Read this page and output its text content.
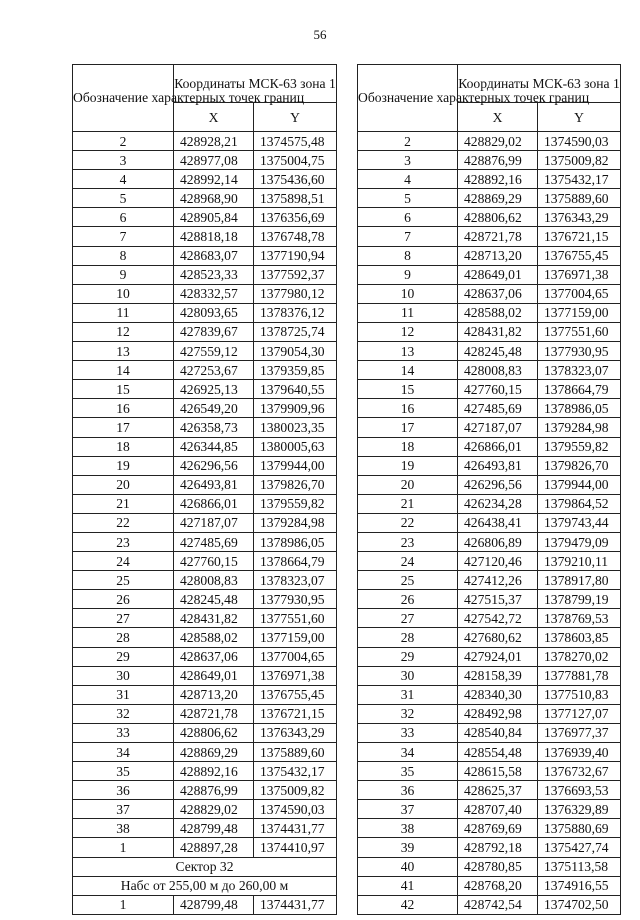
56
Обозначение характерных точек границ	Координаты МСК-63 зона 1	
	X	Y
2	428928,21	1374575,48
3	428977,08	1375004,75
4	428992,14	1375436,60
5	428968,90	1375898,51
6	428905,84	1376356,69
7	428818,18	1376748,78
8	428683,07	1377190,94
9	428523,33	1377592,37
10	428332,57	1377980,12
11	428093,65	1378376,12
12	427839,67	1378725,74
13	427559,12	1379054,30
14	427253,67	1379359,85
15	426925,13	1379640,55
16	426549,20	1379909,96
17	426358,73	1380023,35
18	426344,85	1380005,63
19	426296,56	1379944,00
20	426493,81	1379826,70
21	426866,01	1379559,82
22	427187,07	1379284,98
23	427485,69	1378986,05
24	427760,15	1378664,79
25	428008,83	1378323,07
26	428245,48	1377930,95
27	428431,82	1377551,60
28	428588,02	1377159,00
29	428637,06	1377004,65
30	428649,01	1376971,38
31	428713,20	1376755,45
32	428721,78	1376721,15
33	428806,62	1376343,29
34	428869,29	1375889,60
35	428892,16	1375432,17
36	428876,99	1375009,82
37	428829,02	1374590,03
38	428799,48	1374431,77
1	428897,28	1374410,97
Сектор 32		
Набс от 255,00 м до 260,00 м		
1	428799,48	1374431,77
Обозначение характерных точек границ	Координаты МСК-63 зона 1	
	X	Y
2	428829,02	1374590,03
3	428876,99	1375009,82
4	428892,16	1375432,17
5	428869,29	1375889,60
6	428806,62	1376343,29
7	428721,78	1376721,15
8	428713,20	1376755,45
9	428649,01	1376971,38
10	428637,06	1377004,65
11	428588,02	1377159,00
12	428431,82	1377551,60
13	428245,48	1377930,95
14	428008,83	1378323,07
15	427760,15	1378664,79
16	427485,69	1378986,05
17	427187,07	1379284,98
18	426866,01	1379559,82
19	426493,81	1379826,70
20	426296,56	1379944,00
21	426234,28	1379864,52
22	426438,41	1379743,44
23	426806,89	1379479,09
24	427120,46	1379210,11
25	427412,26	1378917,80
26	427515,37	1378799,19
27	427542,72	1378769,53
28	427680,62	1378603,85
29	427924,01	1378270,02
30	428158,39	1377881,78
31	428340,30	1377510,83
32	428492,98	1377127,07
33	428540,84	1376977,37
34	428554,48	1376939,40
35	428615,58	1376732,67
36	428625,37	1376693,53
37	428707,40	1376329,89
38	428769,69	1375880,69
39	428792,18	1375427,74
40	428780,85	1375113,58
41	428768,20	1374916,55
42	428742,54	1374702,50
